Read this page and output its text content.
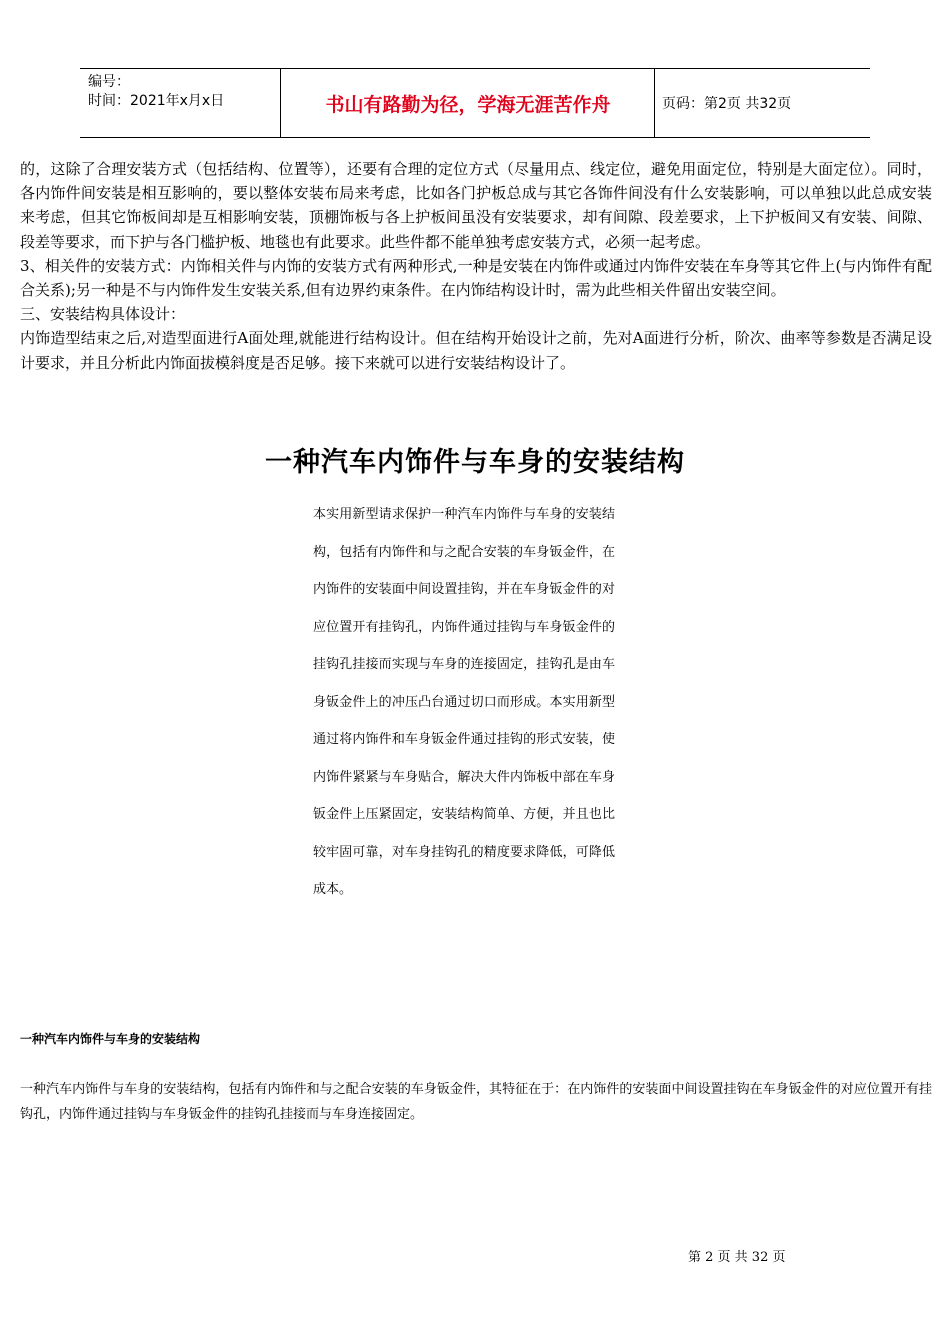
编号：
时间：2021年x月x日	书山有路勤为径，学海无涯苦作舟	页码：第2页 共32页

的，这除了合理安装方式（包括结构、位置等），还要有合理的定位方式（尽量用点、线定位，避免用面定位，特别是大面定位）。同时，各内饰件间安装是相互影响的，要以整体安装布局来考虑，比如各门护板总成与其它各饰件间没有什么安装影响，可以单独以此总成安装来考虑，但其它饰板间却是互相影响安装，顶棚饰板与各上护板间虽没有安装要求，却有间隙、段差要求，上下护板间又有安装、间隙、段差等要求，而下护与各门槛护板、地毯也有此要求。此些件都不能单独考虑安装方式，必须一起考虑。

3、相关件的安装方式：内饰相关件与内饰的安装方式有两种形式,一种是安装在内饰件或通过内饰件安装在车身等其它件上(与内饰件有配合关系);另一种是不与内饰件发生安装关系,但有边界约束条件。在内饰结构设计时，需为此些相关件留出安装空间。

三、安装结构具体设计：

内饰造型结束之后,对造型面进行A面处理,就能进行结构设计。但在结构开始设计之前，先对A面进行分析，阶次、曲率等参数是否满足设计要求，并且分析此内饰面拔模斜度是否足够。接下来就可以进行安装结构设计了。

一种汽车内饰件与车身的安装结构
本实用新型请求保护一种汽车内饰件与车身的安装结构，包括有内饰件和与之配合安装的车身钣金件，在内饰件的安装面中间设置挂钩，并在车身钣金件的对应位置开有挂钩孔，内饰件通过挂钩与车身钣金件的挂钩孔挂接而实现与车身的连接固定，挂钩孔是由车身钣金件上的冲压凸台通过切口而形成。本实用新型通过将内饰件和车身钣金件通过挂钩的形式安装，使内饰件紧紧与车身贴合，解决大件内饰板中部在车身钣金件上压紧固定，安装结构简单、方便，并且也比较牢固可靠，对车身挂钩孔的精度要求降低，可降低成本。
一种汽车内饰件与车身的安装结构
一种汽车内饰件与车身的安装结构，包括有内饰件和与之配合安装的车身钣金件，其特征在于：在内饰件的安装面中间设置挂钩在车身钣金件的对应位置开有挂钩孔，内饰件通过挂钩与车身钣金件的挂钩孔挂接而与车身连接固定。
第 2 页 共 32 页
